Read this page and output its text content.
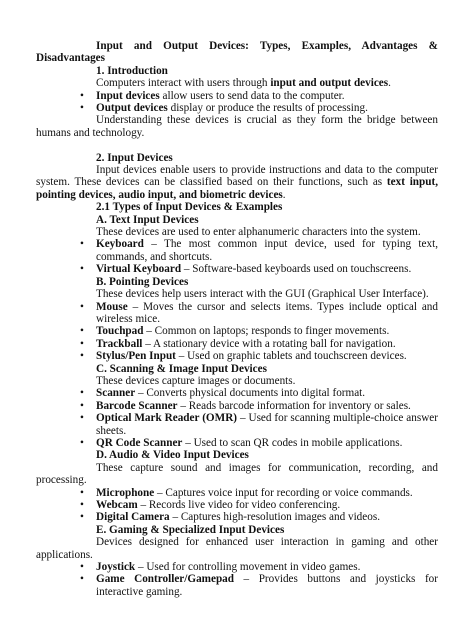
Input and Output Devices: Types, Examples, Advantages & Disadvantages

1. Introduction

Computers interact with users through input and output devices.

• Input devices allow users to send data to the computer.
• Output devices display or produce the results of processing.

Understanding these devices is crucial as they form the bridge between humans and technology.

2. Input Devices

Input devices enable users to provide instructions and data to the computer system. These devices can be classified based on their functions, such as text input, pointing devices, audio input, and biometric devices.

2.1 Types of Input Devices & Examples

A. Text Input Devices

These devices are used to enter alphanumeric characters into the system.

• Keyboard – The most common input device, used for typing text, commands, and shortcuts.
• Virtual Keyboard – Software-based keyboards used on touchscreens.

B. Pointing Devices

These devices help users interact with the GUI (Graphical User Interface).

• Mouse – Moves the cursor and selects items. Types include optical and wireless mice.
• Touchpad – Common on laptops; responds to finger movements.
• Trackball – A stationary device with a rotating ball for navigation.
• Stylus/Pen Input – Used on graphic tablets and touchscreen devices.

C. Scanning & Image Input Devices

These devices capture images or documents.

• Scanner – Converts physical documents into digital format.
• Barcode Scanner – Reads barcode information for inventory or sales.
• Optical Mark Reader (OMR) – Used for scanning multiple-choice answer sheets.
• QR Code Scanner – Used to scan QR codes in mobile applications.

D. Audio & Video Input Devices

These capture sound and images for communication, recording, and processing.

• Microphone – Captures voice input for recording or voice commands.
• Webcam – Records live video for video conferencing.
• Digital Camera – Captures high-resolution images and videos.

E. Gaming & Specialized Input Devices

Devices designed for enhanced user interaction in gaming and other applications.

• Joystick – Used for controlling movement in video games.
• Game Controller/Gamepad – Provides buttons and joysticks for interactive gaming.
